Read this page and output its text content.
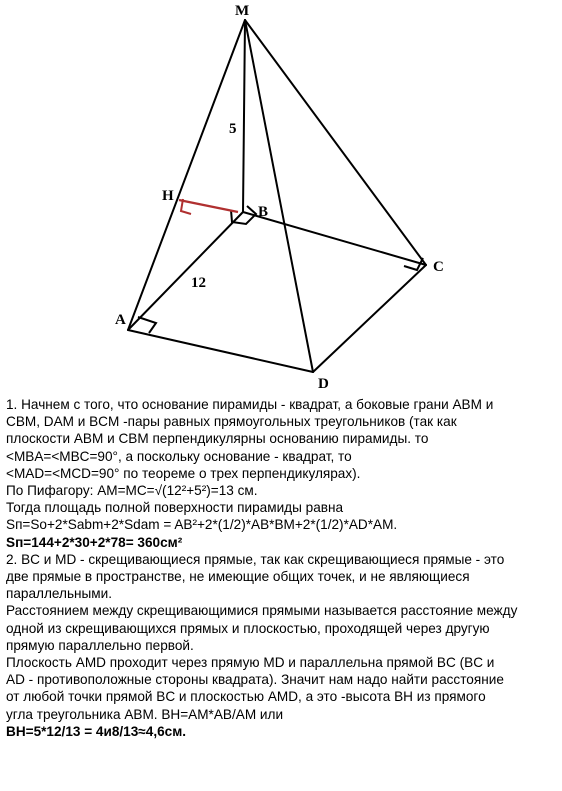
M
5
H
B
C
12
A
D

1. Начнем с того, что основание пирамиды - квадрат, а боковые грани ABM и

CBM, DAM и BCM -пары равных прямоугольных треугольников (так как

плоскости ABM и CBM перпендикулярны основанию пирамиды. то

<MBA=<MBC=90°, а поскольку основание - квадрат, то

<MAD=<MCD=90° по теореме о трех перпендикулярах).

По Пифагору: AM=MC=√(12²+5²)=13 см.

Тогда площадь полной поверхности пирамиды равна

Sп=So+2*Sabm+2*Sdam = AB²+2*(1/2)*AB*BM+2*(1/2)*AD*AM.

Sп=144+2*30+2*78= 360см²

2. BC и MD - скрещивающиеся прямые, так как скрещивающиеся прямые - это

две прямые в пространстве, не имеющие общих точек, и не являющиеся

параллельными.

Расстоянием между скрещивающимися прямыми называется расстояние между

одной из скрещивающихся прямых и плоскостью, проходящей через другую

прямую параллельно первой.

Плоскость AMD проходит через прямую MD и параллельна прямой BC (BC и

AD - противоположные стороны квадрата). Значит нам надо найти расстояние

от любой точки прямой BC и плоскостью AMD, а это -высота BH из прямого

угла треугольника ABM. BH=AM*AB/AM или

BH=5*12/13 = 4и8/13≈4,6см.
